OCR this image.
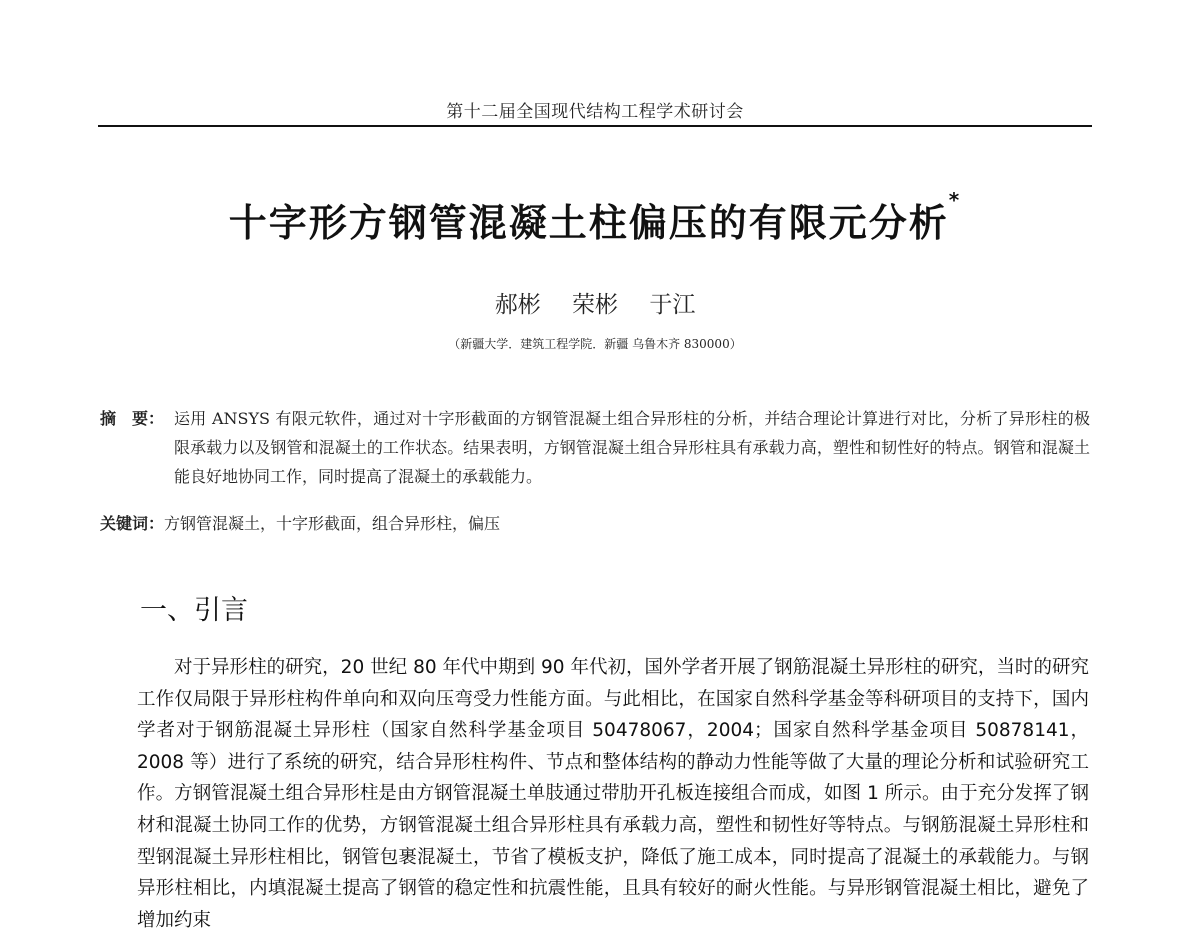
第十二届全国现代结构工程学术研讨会
十字形方钢管混凝土柱偏压的有限元分析*
郝彬 荣彬 于江
（新疆大学．建筑工程学院．新疆 乌鲁木齐 830000）
摘　要： 运用 ANSYS 有限元软件，通过对十字形截面的方钢管混凝土组合异形柱的分析，并结合理论计算进行对比，分析了异形柱的极限承载力以及钢管和混凝土的工作状态。结果表明，方钢管混凝土组合异形柱具有承载力高，塑性和韧性好的特点。钢管和混凝土能良好地协同工作，同时提高了混凝土的承载能力。
关键词：方钢管混凝土，十字形截面，组合异形柱，偏压
一、引言
对于异形柱的研究，20 世纪 80 年代中期到 90 年代初，国外学者开展了钢筋混凝土异形柱的研究，当时的研究工作仅局限于异形柱构件单向和双向压弯受力性能方面。与此相比，在国家自然科学基金等科研项目的支持下，国内学者对于钢筋混凝土异形柱（国家自然科学基金项目 50478067，2004；国家自然科学基金项目 50878141，2008 等）进行了系统的研究，结合异形柱构件、节点和整体结构的静动力性能等做了大量的理论分析和试验研究工作。方钢管混凝土组合异形柱是由方钢管混凝土单肢通过带肋开孔板连接组合而成，如图 1 所示。由于充分发挥了钢材和混凝土协同工作的优势，方钢管混凝土组合异形柱具有承载力高，塑性和韧性好等特点。与钢筋混凝土异形柱和型钢混凝土异形柱相比，钢管包裹混凝土，节省了模板支护，降低了施工成本，同时提高了混凝土的承载能力。与钢异形柱相比，内填混凝土提高了钢管的稳定性和抗震性能，且具有较好的耐火性能。与异形钢管混凝土相比，避免了增加约束
